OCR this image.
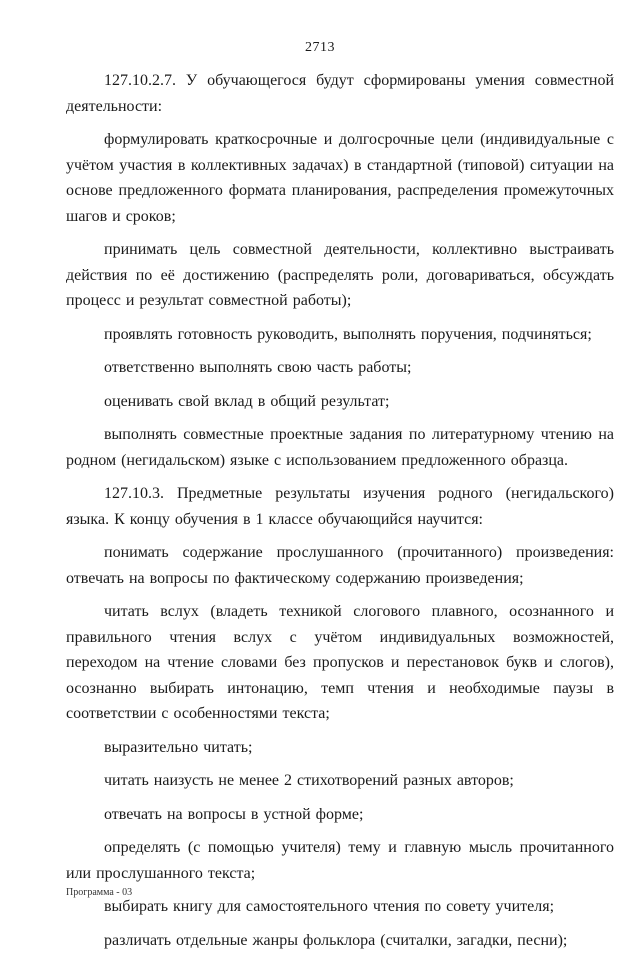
2713

127.10.2.7. У обучающегося будут сформированы умения совместной деятельности:

формулировать краткосрочные и долгосрочные цели (индивидуальные с учётом участия в коллективных задачах) в стандартной (типовой) ситуации на основе предложенного формата планирования, распределения промежуточных шагов и сроков;

принимать цель совместной деятельности, коллективно выстраивать действия по её достижению (распределять роли, договариваться, обсуждать процесс и результат совместной работы);

проявлять готовность руководить, выполнять поручения, подчиняться;

ответственно выполнять свою часть работы;

оценивать свой вклад в общий результат;

выполнять совместные проектные задания по литературному чтению на родном (негидальском) языке с использованием предложенного образца.

127.10.3. Предметные результаты изучения родного (негидальского) языка. К концу обучения в 1 классе обучающийся научится:

понимать содержание прослушанного (прочитанного) произведения: отвечать на вопросы по фактическому содержанию произведения;

читать вслух (владеть техникой слогового плавного, осознанного и правильного чтения вслух с учётом индивидуальных возможностей, переходом на чтение словами без пропусков и перестановок букв и слогов), осознанно выбирать интонацию, темп чтения и необходимые паузы в соответствии с особенностями текста;

выразительно читать;

читать наизусть не менее 2 стихотворений разных авторов;

отвечать на вопросы в устной форме;

определять (с помощью учителя) тему и главную мысль прочитанного или прослушанного текста;

выбирать книгу для самостоятельного чтения по совету учителя;

различать отдельные жанры фольклора (считалки, загадки, песни);

Программа - 03
